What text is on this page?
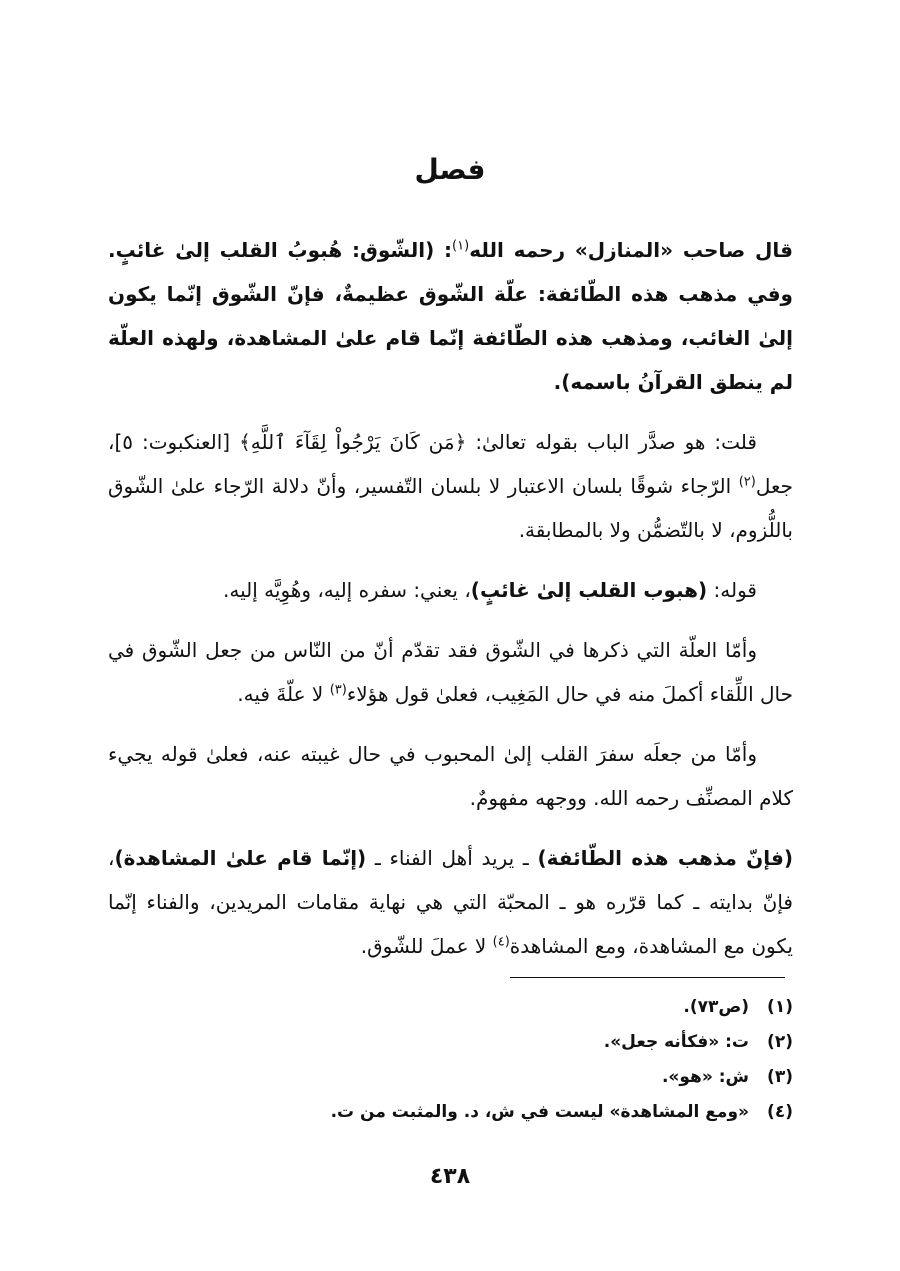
فصل

قال صاحب «المنازل» رحمه الله$^{(١)}$: (الشّوق: هُبوبُ القلب إلىٰ غائبٍ. وفي مذهب هذه الطّائفة: علّة الشّوق عظيمةٌ، فإنّ الشّوق إنّما يكون إلىٰ الغائب، ومذهب هذه الطّائفة إنّما قام علىٰ المشاهدة، ولهذه العلّة لم ينطق القرآنُ باسمه).

قلت: هو صدَّر الباب بقوله تعالىٰ: ﴿مَن كَانَ يَرْجُواْ لِقَآءَ ٱللَّهِ﴾ [العنكبوت: ٥]، جعل$^{(٢)}$ الرّجاء شوقًا بلسان الاعتبار لا بلسان التّفسير، وأنّ دلالة الرّجاء علىٰ الشّوق باللُّزوم، لا بالتّضمُّن ولا بالمطابقة.

قوله: (هبوب القلب إلىٰ غائبٍ)، يعني: سفره إليه، وهُوِيَّه إليه.

وأمّا العلّة التي ذكرها في الشّوق فقد تقدّم أنّ من النّاس من جعل الشّوق في حال اللِّقاء أكملَ منه في حال المَغِيب، فعلىٰ قول هؤلاء$^{(٣)}$ لا علّةَ فيه.

وأمّا من جعلَه سفرَ القلب إلىٰ المحبوب في حال غيبته عنه، فعلىٰ قوله يجيء كلام المصنِّف رحمه الله. ووجهه مفهومٌ.

(فإنّ مذهب هذه الطّائفة) ـ يريد أهل الفناء ـ (إنّما قام علىٰ المشاهدة)، فإنّ بدايته ـ كما قرّره هو ـ المحبّة التي هي نهاية مقامات المريدين، والفناء إنّما يكون مع المشاهدة، ومع المشاهدة$^{(٤)}$ لا عملَ للشّوق.

(١)
(ص٧٣).
(٢)
ت: «فكأنه جعل».
(٣)
ش: «هو».
(٤)
«ومع المشاهدة» ليست في ش، د. والمثبت من ت.
٤٣٨
